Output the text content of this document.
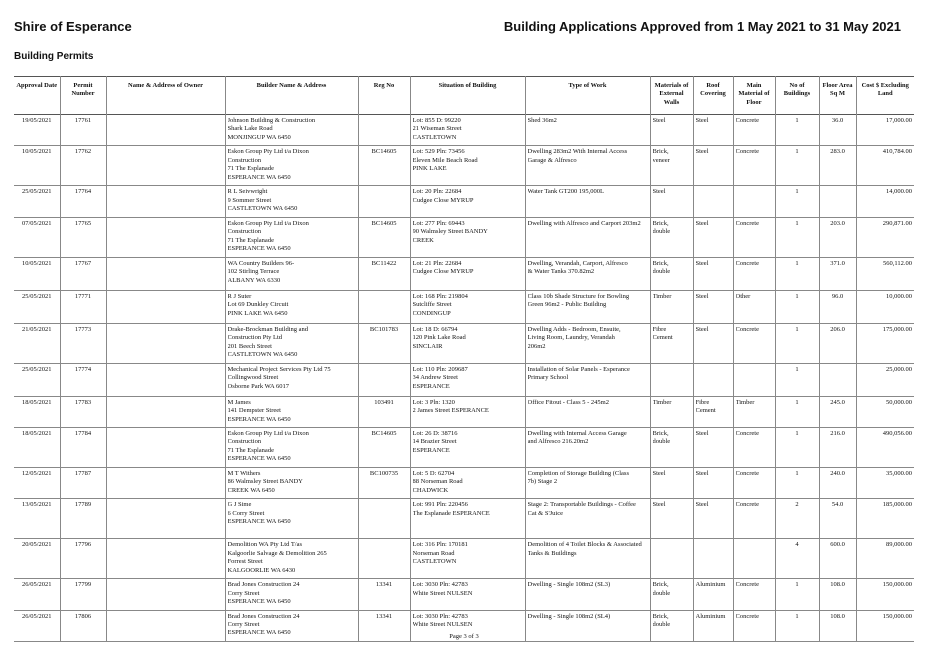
Shire of Esperance	Building Applications Approved from 1 May 2021 to 31 May 2021
Building Permits
Approval Date	Permit Number	Name & Address of Owner	Builder Name & Address	Reg No	Situation of Building	Type of Work	Materials of External Walls	Roof Covering	Main Material of Floor	No of Buildings	Floor Area Sq M	Cost $ Excluding Land
19/05/2021	17761		Johnson Building & Construction
Shark Lake Road
MONJINGUP WA 6450		Lot: 855 D: 99220
21 Wiseman Street
CASTLETOWN	Shed 36m2	Steel	Steel	Concrete	1	36.0	17,000.00
10/05/2021	17762		Eskon Group Pty Ltd t/a Dixon
Construction
71 The Esplanade
ESPERANCE WA 6450	BC14605	Lot: 529 Pln: 73456
Eleven Mile Beach Road
PINK LAKE	Dwelling 283m2 With Internal Access
Garage & Alfresco	Brick,
veneer	Steel	Concrete	1	283.0	410,784.00
25/05/2021	17764		R L Seivwright
9 Sommer Street
CASTLETOWN WA 6450		Lot: 20 Pln: 22684
Cudgee Close MYRUP	Water Tank GT200 195,000L	Steel			1		14,000.00
07/05/2021	17765		Eskon Group Pty Ltd t/a Dixon
Construction
71 The Esplanade
ESPERANCE WA 6450	BC14605	Lot: 277 Pln: 69443
90 Walmsley Street BANDY
CREEK	Dwelling with Alfresco and Carport 203m2	Brick,
double	Steel	Concrete	1	203.0	290,871.00
10/05/2021	17767		WA Country Builders 96-
102 Stirling Terrace
ALBANY WA 6330	BC11422	Lot: 21 Pln: 22684
Cudgee Close MYRUP	Dwelling, Verandah, Carport, Alfresco
& Water Tanks 370.82m2	Brick,
double	Steel	Concrete	1	371.0	560,112.00
25/05/2021	17771		R J Suter
Lot 69 Dunkley Circuit
PINK LAKE WA 6450		Lot: 168 Pln: 219804
Sutcliffe Street
CONDINGUP	Class 10b Shade Structure for Bowling
Green 96m2 - Public Building	Timber	Steel	Other	1	96.0	10,000.00
21/05/2021	17773		Drake-Brockman Building and
Construction Pty Ltd
201 Beech Street
CASTLETOWN WA 6450	BC101783	Lot: 18 D: 66794
120 Pink Lake Road
SINCLAIR	Dwelling Adds - Bedroom, Ensuite,
Living Room, Laundry, Verandah
206m2	Fibre
Cement	Steel	Concrete	1	206.0	175,000.00
25/05/2021	17774		Mechanical Project Services Pty Ltd 75
Collingwood Street
Osborne Park WA 6017		Lot: 110 Pln: 209687
34 Andrew Street
ESPERANCE	Installation of Solar Panels - Esperance
Primary School				1		25,000.00
18/05/2021	17783		M James
141 Dempster Street
ESPERANCE WA 6450	103491	Lot: 3 Pln: 1320
2 James Street ESPERANCE	Office Fitout - Class 5 - 245m2	Timber	Fibre
Cement	Timber	1	245.0	50,000.00
18/05/2021	17784		Eskon Group Pty Ltd t/a Dixon
Construction
71 The Esplanade
ESPERANCE WA 6450	BC14605	Lot: 26 D: 38716
14 Brazier Street
ESPERANCE	Dwelling with Internal Access Garage
and Alfresco 216.20m2	Brick,
double	Steel	Concrete	1	216.0	490,056.00
12/05/2021	17787		M T Withers
86 Walmsley Street BANDY
CREEK WA 6450	BC100735	Lot: 5 D: 62704
88 Norseman Road
CHADWICK	Completion of Storage Building (Class
7b) Stage 2	Steel	Steel	Concrete	1	240.0	35,000.00
13/05/2021	17789		G J Sime
6 Corry Street
ESPERANCE WA 6450		Lot: 991 Pln: 220456
The Esplanade ESPERANCE	Stage 2: Transportable Buildings - Coffee
Cat & S'Juice	Steel	Steel	Concrete	2	54.0	185,000.00
20/05/2021	17796		Demolition WA Pty Ltd T/as
Kalgoorlie Salvage & Demolition 265
Forrest Street
KALGOORLIE WA 6430		Lot: 316 Pln: 170181
Norseman Road
CASTLETOWN	Demolition of 4 Toilet Blocks & Associated
Tanks & Buildings				4	600.0	89,000.00
26/05/2021	17799		Brad Jones Construction 24
Corry Street
ESPERANCE WA 6450	13341	Lot: 3030 Pln: 42783
White Street NULSEN	Dwelling - Single 108m2 (SL3)	Brick,
double	Aluminium	Concrete	1	108.0	150,000.00
26/05/2021	17806		Brad Jones Construction 24
Corry Street
ESPERANCE WA 6450	13341	Lot: 3030 Pln: 42783
White Street NULSEN	Dwelling - Single 108m2 (SL4)	Brick,
double	Aluminium	Concrete	1	108.0	150,000.00
Page 3 of 3
